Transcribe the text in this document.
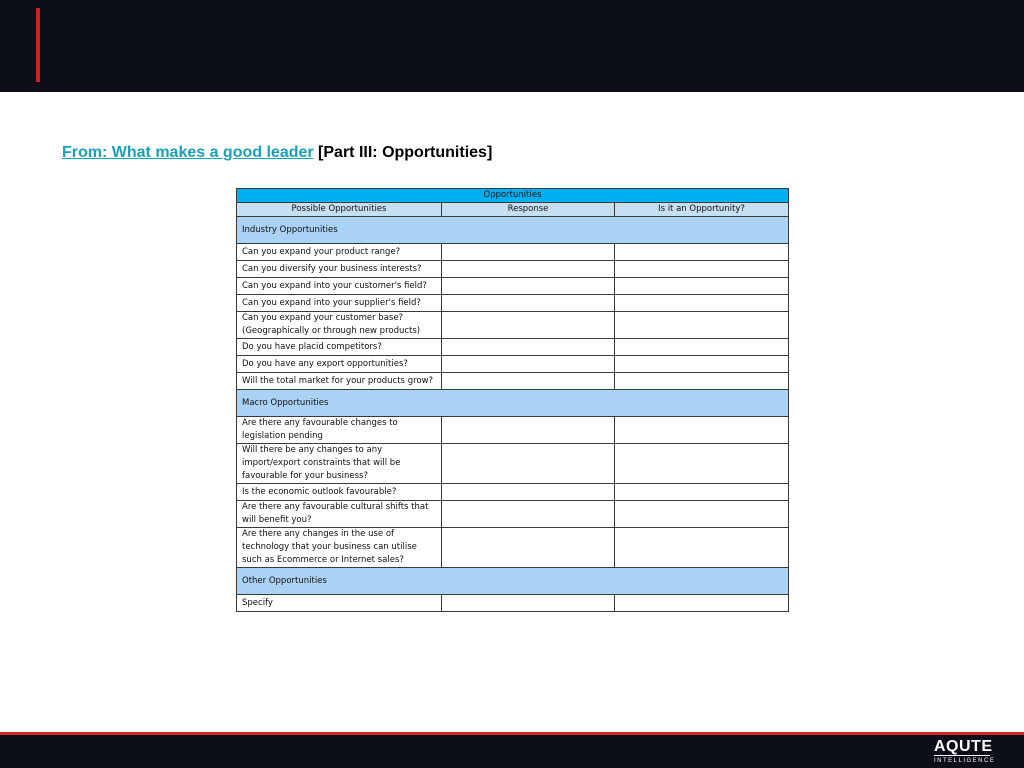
From: What makes a good leader [Part III: Opportunities]
Opportunities		
Possible Opportunities	Response	Is it an Opportunity?
Industry Opportunities		
Can you expand your product range?		
Can you diversify your business interests?		
Can you expand into your customer's field?		
Can you expand into your supplier's field?		
Can you expand your customer base? (Geographically or through new products)		
Do you have placid competitors?		
Do you have any export opportunities?		
Will the total market for your products grow?		
Macro Opportunities		
Are there any favourable changes to legislation pending		
Will there be any changes to any import/export constraints that will be favourable for your business?		
Is the economic outlook favourable?		
Are there any favourable cultural shifts that will benefit you?		
Are there any changes in the use of technology that your business can utilise such as Ecommerce or Internet sales?		
Other Opportunities		
Specify		
AQUTE
INTELLIGENCE
